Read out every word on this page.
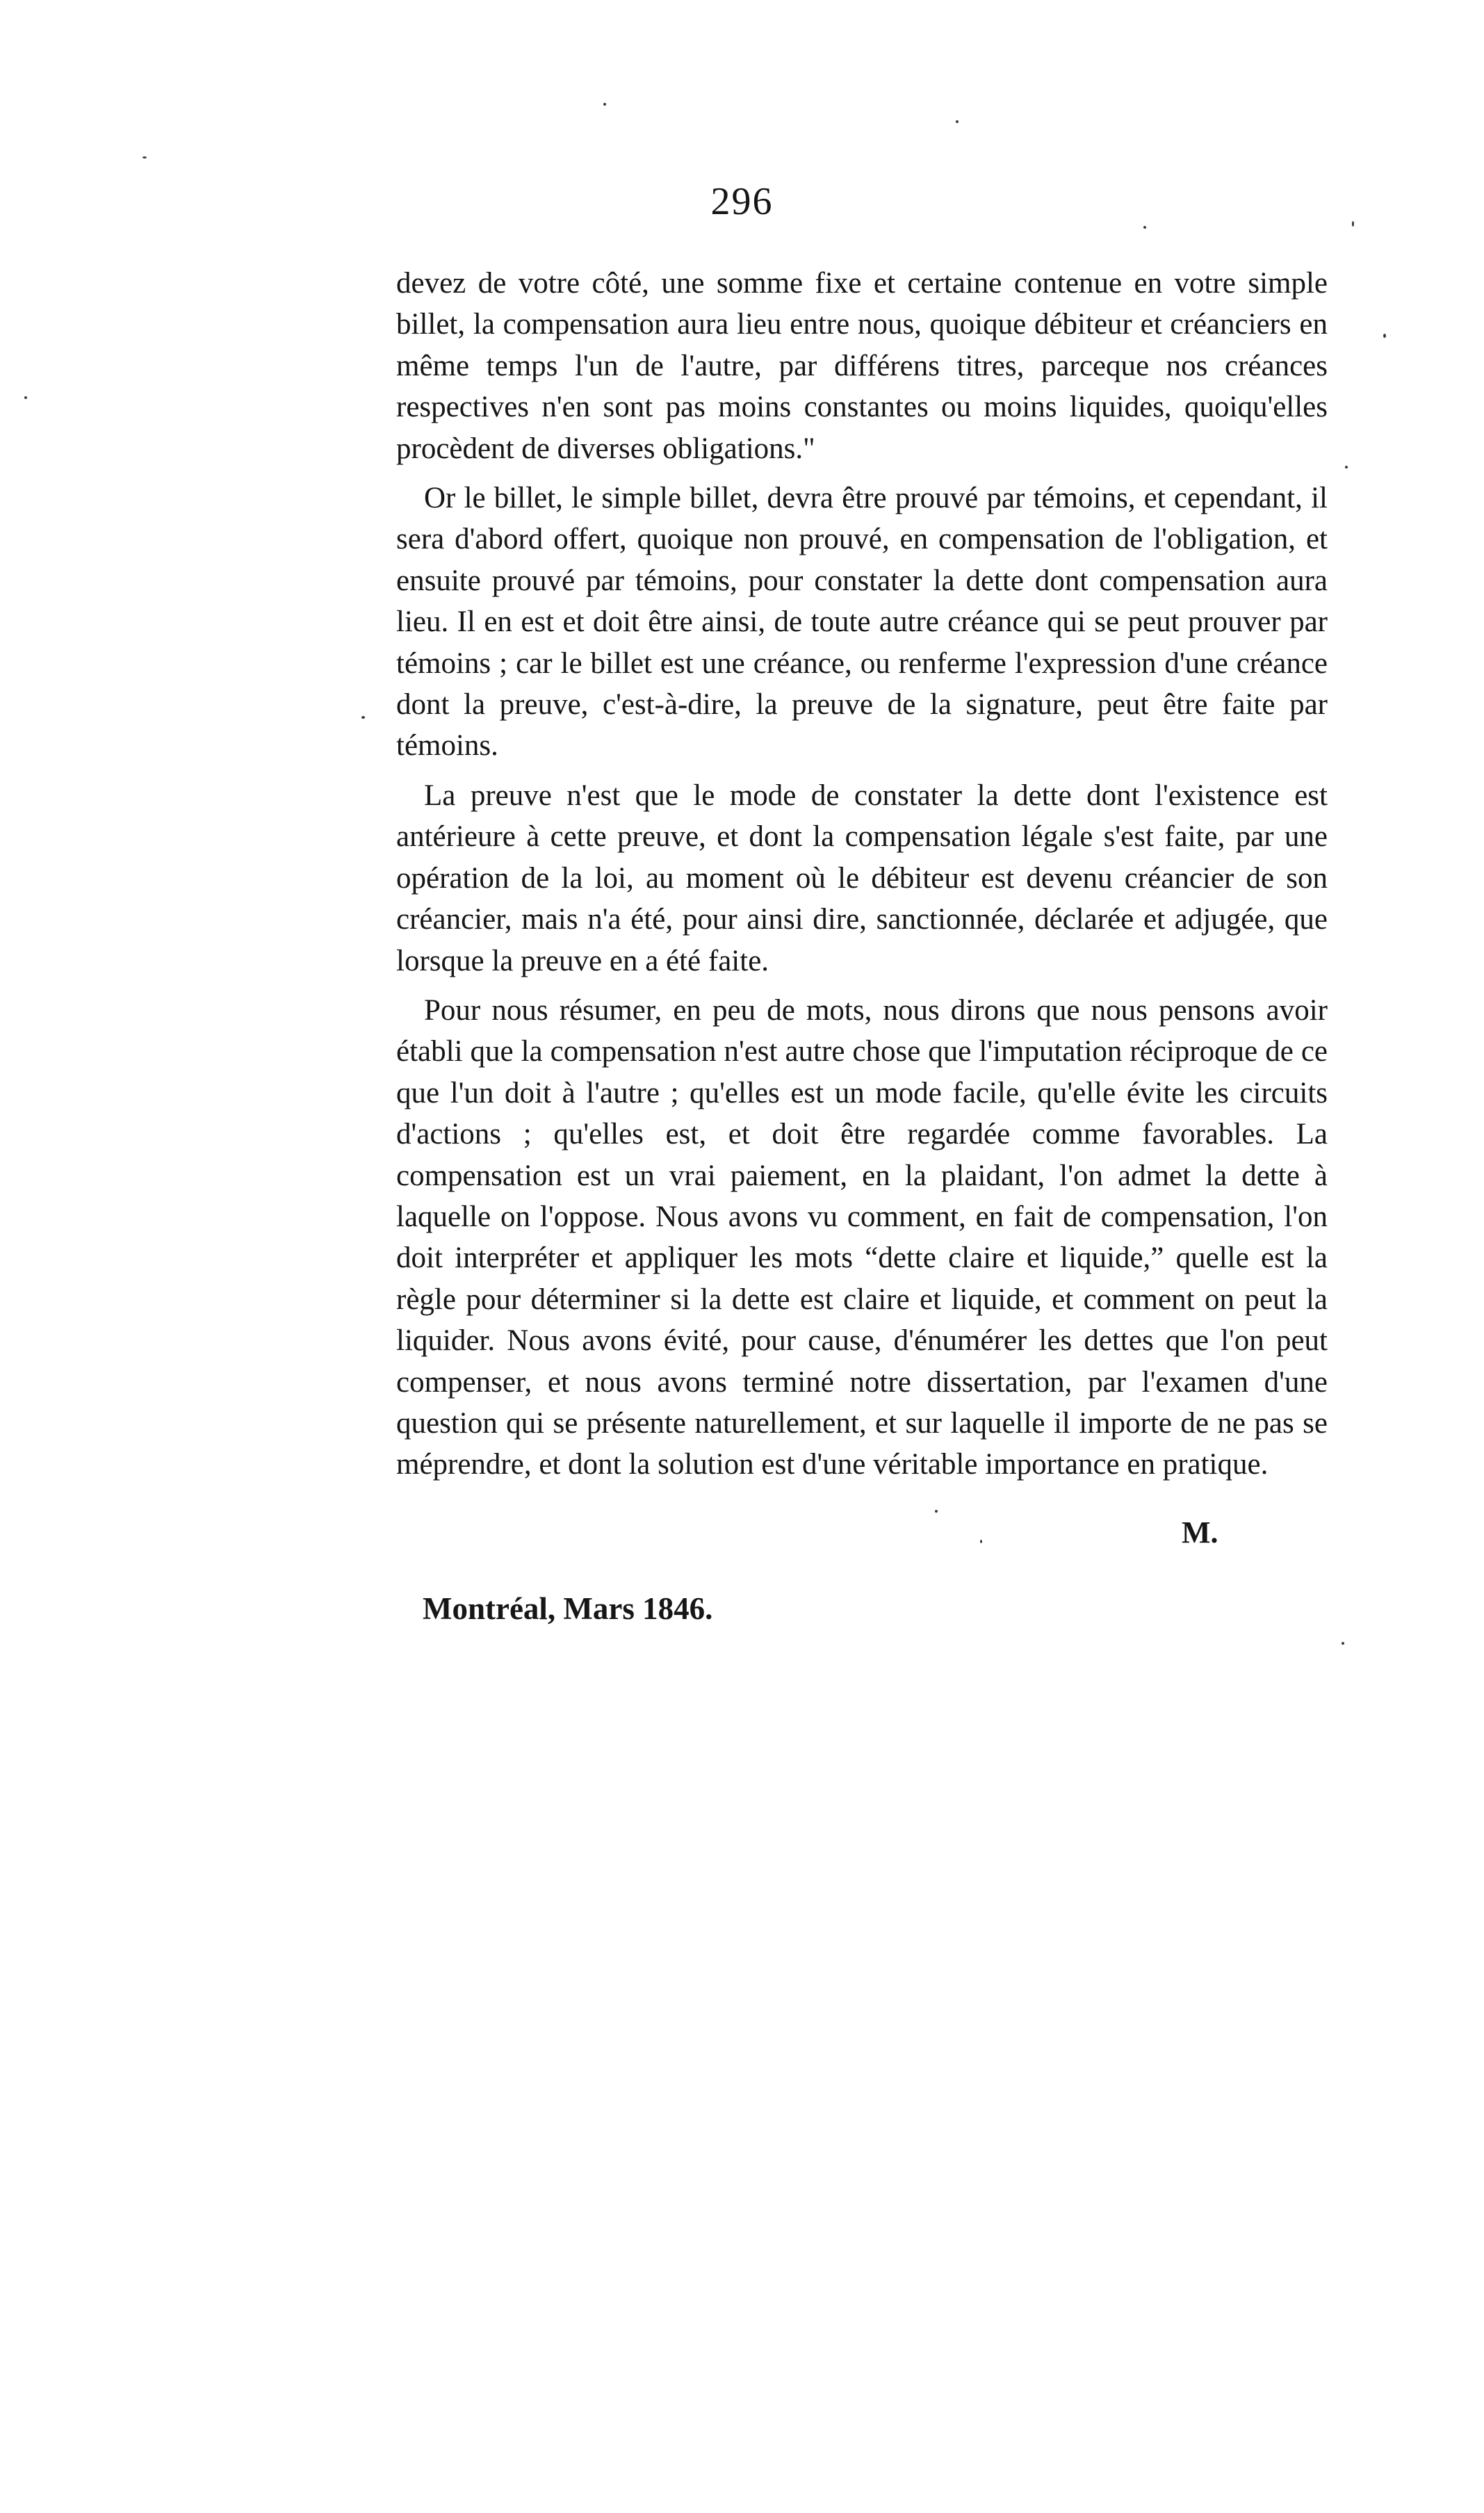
296

devez de votre côté, une somme fixe et certaine contenue en votre simple billet, la compensation aura lieu entre nous, quoique débiteur et créanciers en même temps l'un de l'autre, par différens titres, parceque nos créances respectives n'en sont pas moins constantes ou moins liquides, quoiqu'elles procèdent de diverses obligations."

Or le billet, le simple billet, devra être prouvé par témoins, et cependant, il sera d'abord offert, quoique non prouvé, en compensation de l'obligation, et ensuite prouvé par témoins, pour constater la dette dont compensation aura lieu. Il en est et doit être ainsi, de toute autre créance qui se peut prouver par témoins ; car le billet est une créance, ou renferme l'expression d'une créance dont la preuve, c'est-à-dire, la preuve de la signature, peut être faite par témoins.

La preuve n'est que le mode de constater la dette dont l'existence est antérieure à cette preuve, et dont la compensation légale s'est faite, par une opération de la loi, au moment où le débiteur est devenu créancier de son créancier, mais n'a été, pour ainsi dire, sanctionnée, déclarée et adjugée, que lorsque la preuve en a été faite.

Pour nous résumer, en peu de mots, nous dirons que nous pensons avoir établi que la compensation n'est autre chose que l'imputation réciproque de ce que l'un doit à l'autre ; qu'elles est un mode facile, qu'elle évite les circuits d'actions ; qu'elles est, et doit être regardée comme favorables. La compensation est un vrai paiement, en la plaidant, l'on admet la dette à laquelle on l'oppose. Nous avons vu comment, en fait de compensation, l'on doit interpréter et appliquer les mots “dette claire et liquide,” quelle est la règle pour déterminer si la dette est claire et liquide, et comment on peut la liquider. Nous avons évité, pour cause, d'énumérer les dettes que l'on peut compenser, et nous avons terminé notre dissertation, par l'examen d'une question qui se présente naturellement, et sur laquelle il importe de ne pas se méprendre, et dont la solution est d'une véritable importance en pratique.

M.
Montréal, Mars 1846.
